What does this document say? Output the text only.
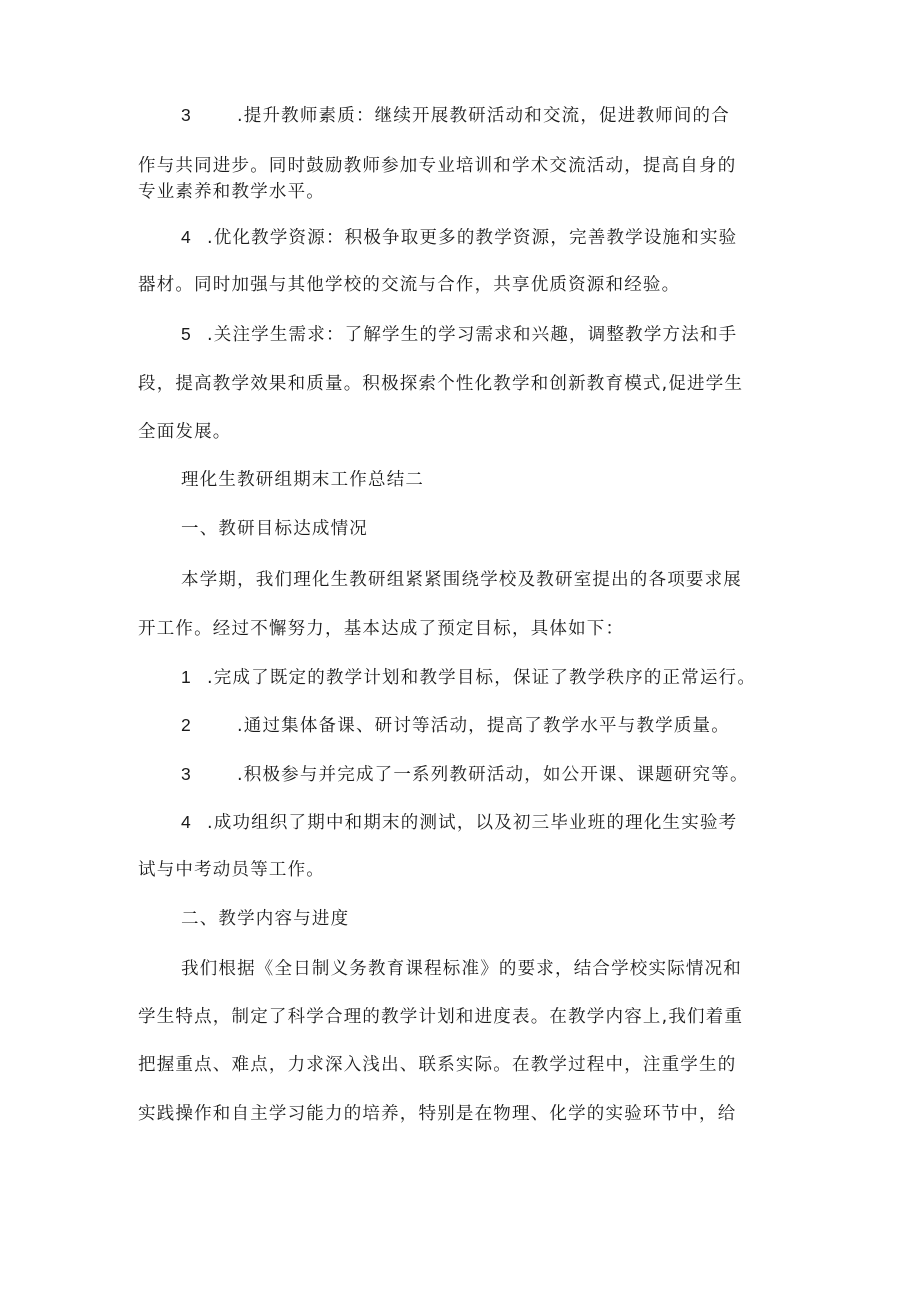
3	.提升教师素质：继续开展教研活动和交流，促进教师间的合
作与共同进步。同时鼓励教师参加专业培训和学术交流活动，提高自身的
专业素养和教学水平。
4 .优化教学资源：积极争取更多的教学资源，完善教学设施和实验
器材。同时加强与其他学校的交流与合作，共享优质资源和经验。
5 .关注学生需求：了解学生的学习需求和兴趣，调整教学方法和手
段，提高教学效果和质量。积极探索个性化教学和创新教育模式,促进学生
全面发展。
理化生教研组期末工作总结二
一、教研目标达成情况
本学期，我们理化生教研组紧紧围绕学校及教研室提出的各项要求展
开工作。经过不懈努力，基本达成了预定目标，具体如下：
1 .完成了既定的教学计划和教学目标，保证了教学秩序的正常运行。
2	.通过集体备课、研讨等活动，提高了教学水平与教学质量。
3	.积极参与并完成了一系列教研活动，如公开课、课题研究等。
4 .成功组织了期中和期末的测试，以及初三毕业班的理化生实验考
试与中考动员等工作。
二、教学内容与进度
我们根据《全日制义务教育课程标准》的要求，结合学校实际情况和
学生特点，制定了科学合理的教学计划和进度表。在教学内容上,我们着重
把握重点、难点，力求深入浅出、联系实际。在教学过程中，注重学生的
实践操作和自主学习能力的培养，特别是在物理、化学的实验环节中，给
